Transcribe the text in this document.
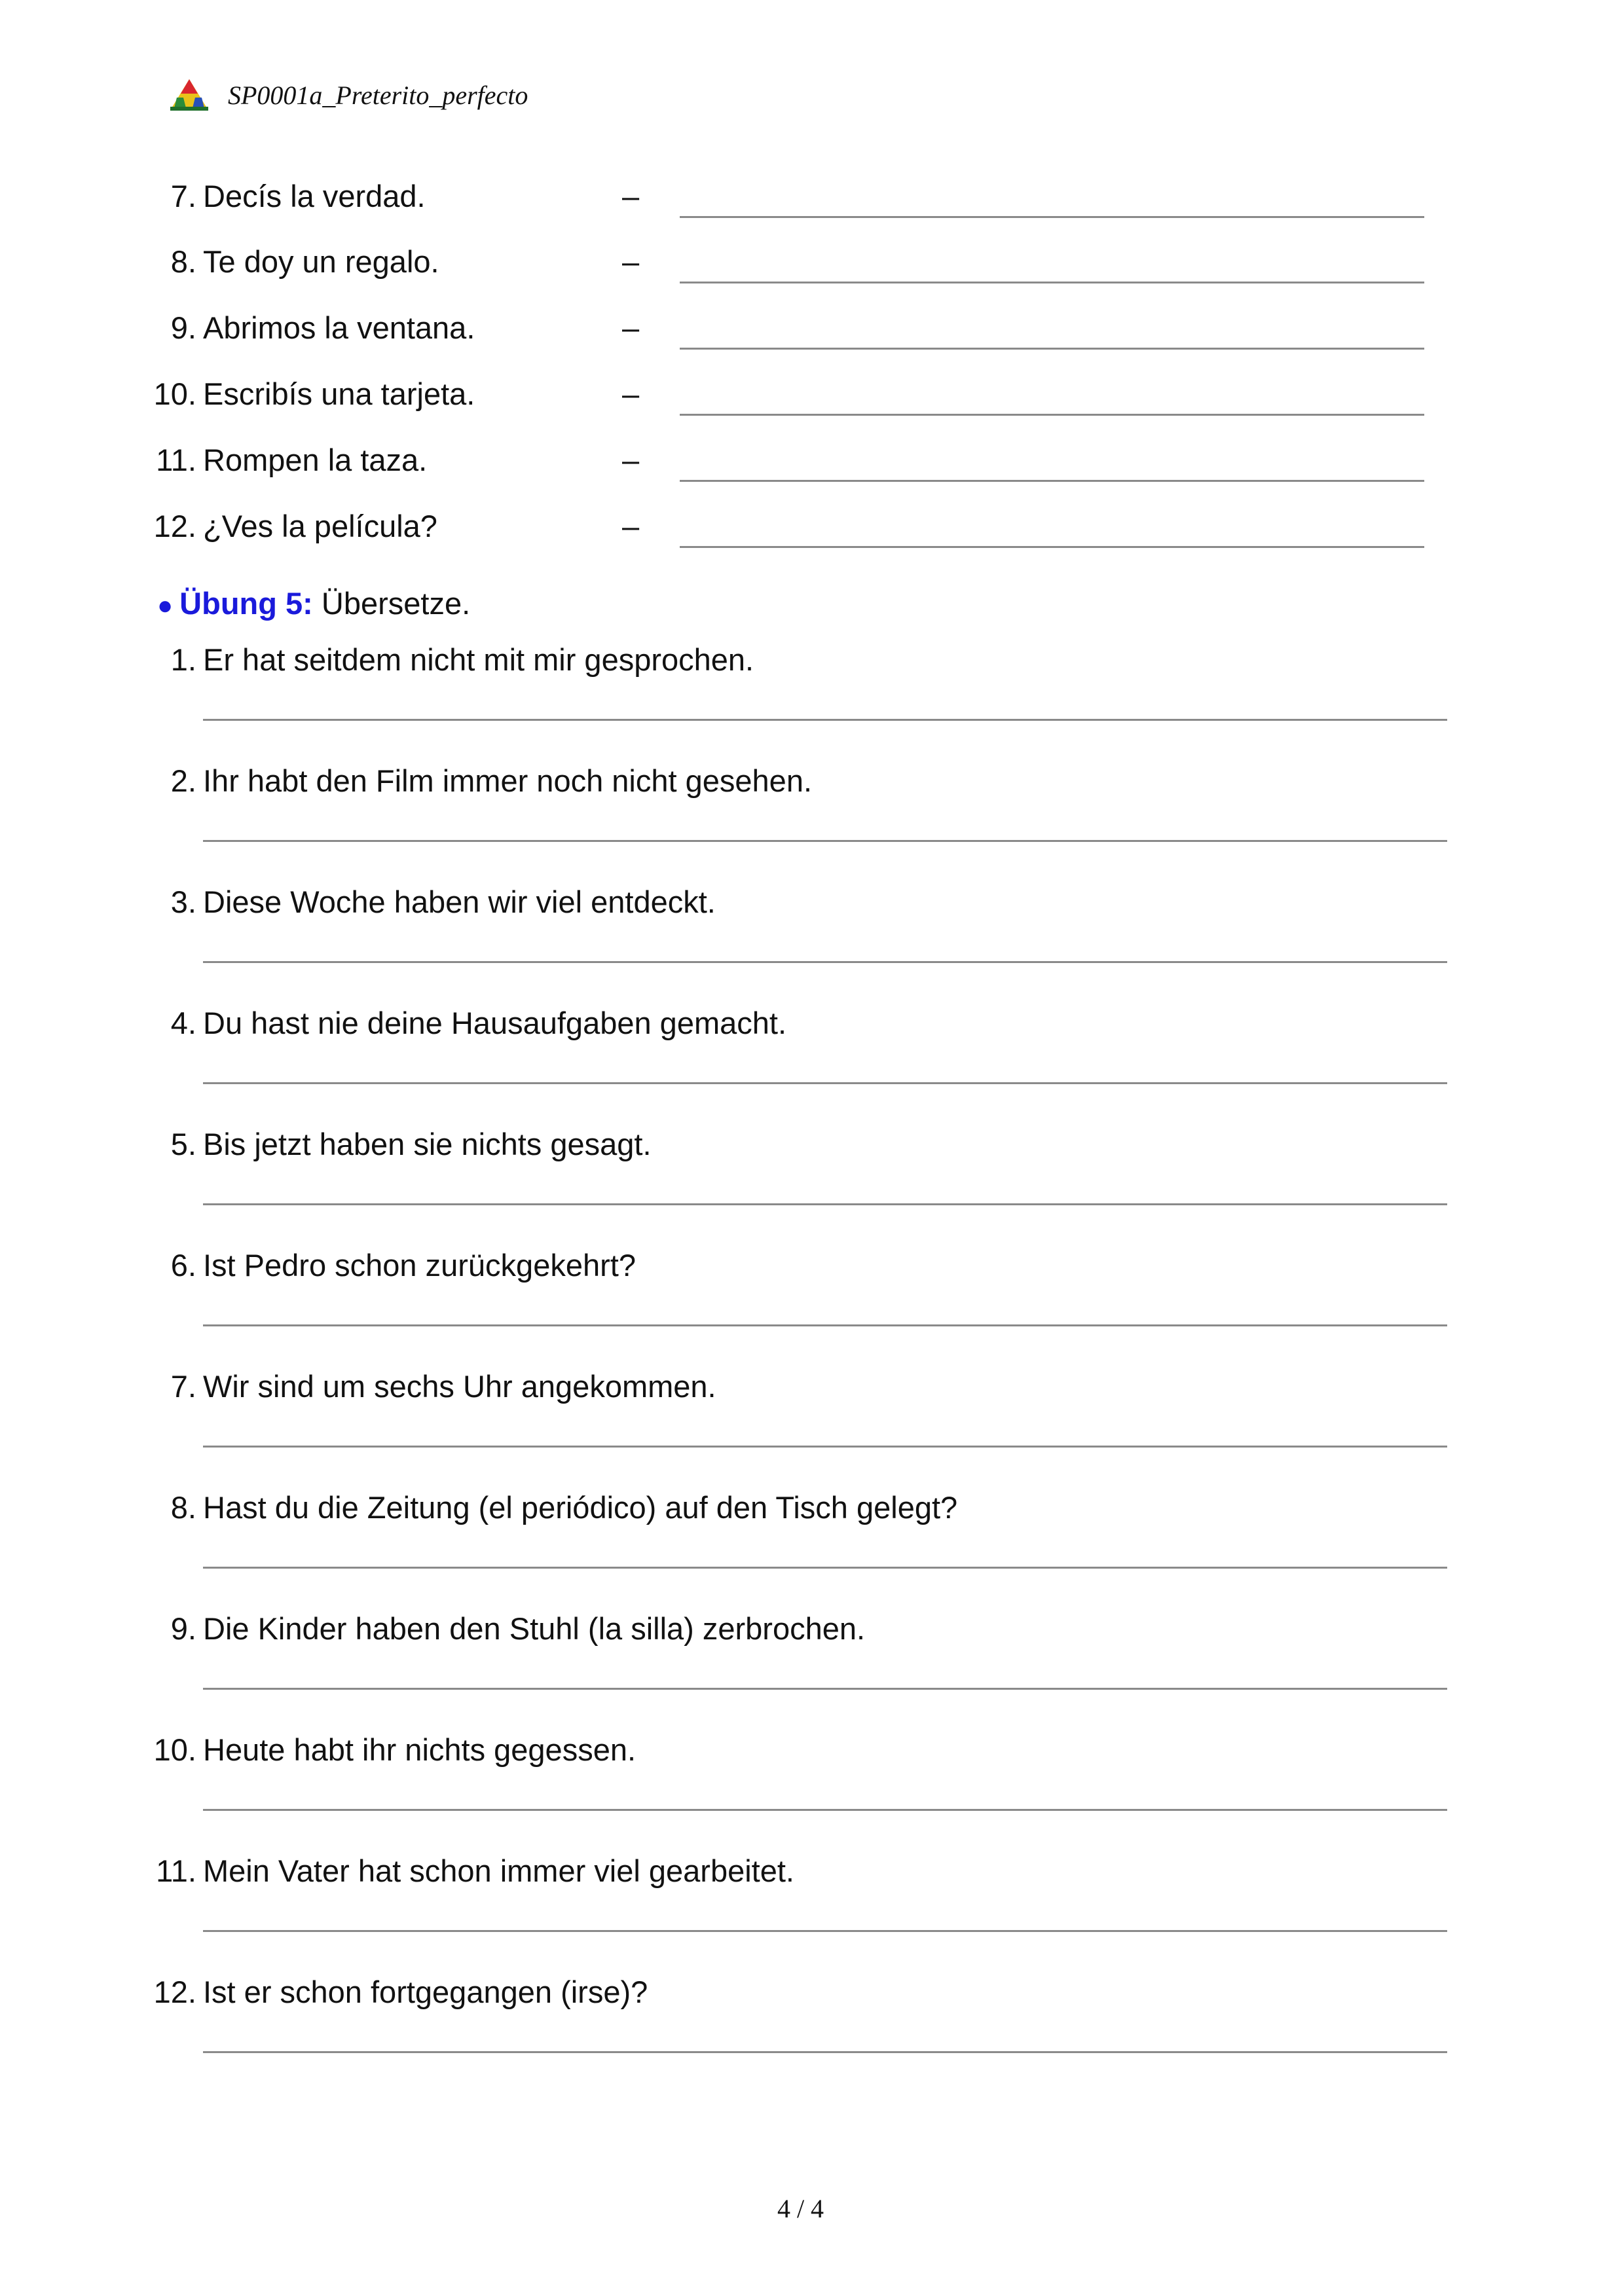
SP0001a_Preterito_perfecto
7. Decís la verdad.	–
8. Te doy un regalo.	–
9. Abrimos la ventana.	–
10. Escribís una tarjeta.	–
11. Rompen la taza.	–
12. ¿Ves la película?	–
● Übung 5: Übersetze.
1. Er hat seitdem nicht mit mir gesprochen.
2. Ihr habt den Film immer noch nicht gesehen.
3. Diese Woche haben wir viel entdeckt.
4. Du hast nie deine Hausaufgaben gemacht.
5. Bis jetzt haben sie nichts gesagt.
6. Ist Pedro schon zurückgekehrt?
7. Wir sind um sechs Uhr angekommen.
8. Hast du die Zeitung (el periódico) auf den Tisch gelegt?
9. Die Kinder haben den Stuhl (la silla) zerbrochen.
10. Heute habt ihr nichts gegessen.
11. Mein Vater hat schon immer viel gearbeitet.
12. Ist er schon fortgegangen (irse)?
4 / 4
